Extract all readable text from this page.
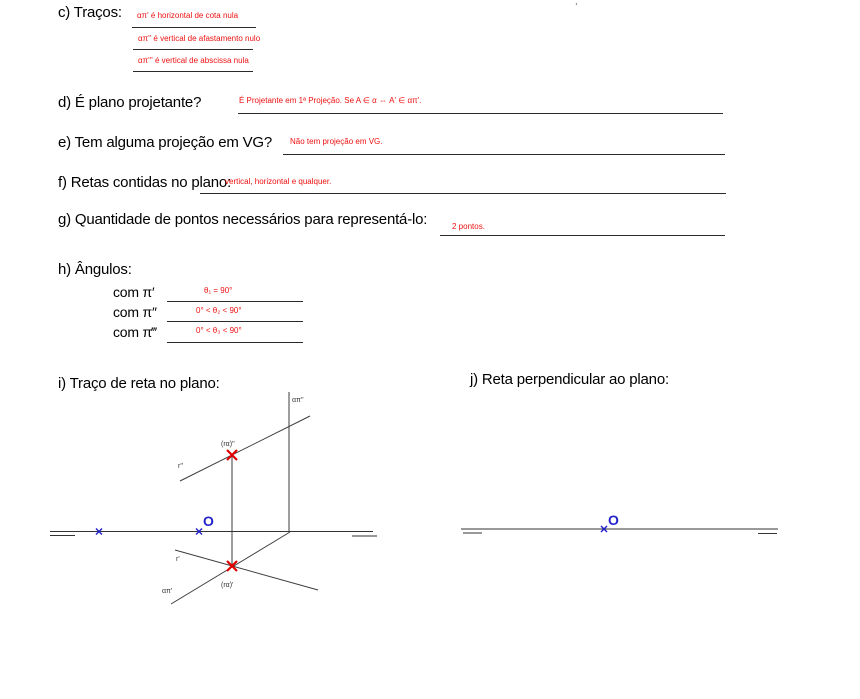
,
c) Traços: απ' é horizontal de cota nula
απ'' é vertical de afastamento nulo
απ''' é vertical de abscissa nula
d) É plano projetante?	É Projetante em 1ª Projeção. Se A ∈ α ⇔ A' ∈ απ'.
e) Tem alguma projeção em VG? Não tem projeção em VG.
f) Retas contidas no plano:
vertical, horizontal e qualquer.
g) Quantidade de pontos necessários para representá-lo:	2 pontos.
h) Ângulos:
com π′	θ₁ = 90°
com π″	0° < θ₂ < 90°
com π‴	0° < θ₃ < 90°
i) Traço de reta no plano:	j) Reta perpendicular ao plano:
απ''
r''
απ'
r'
O
(rα)''
(rα)'
O
